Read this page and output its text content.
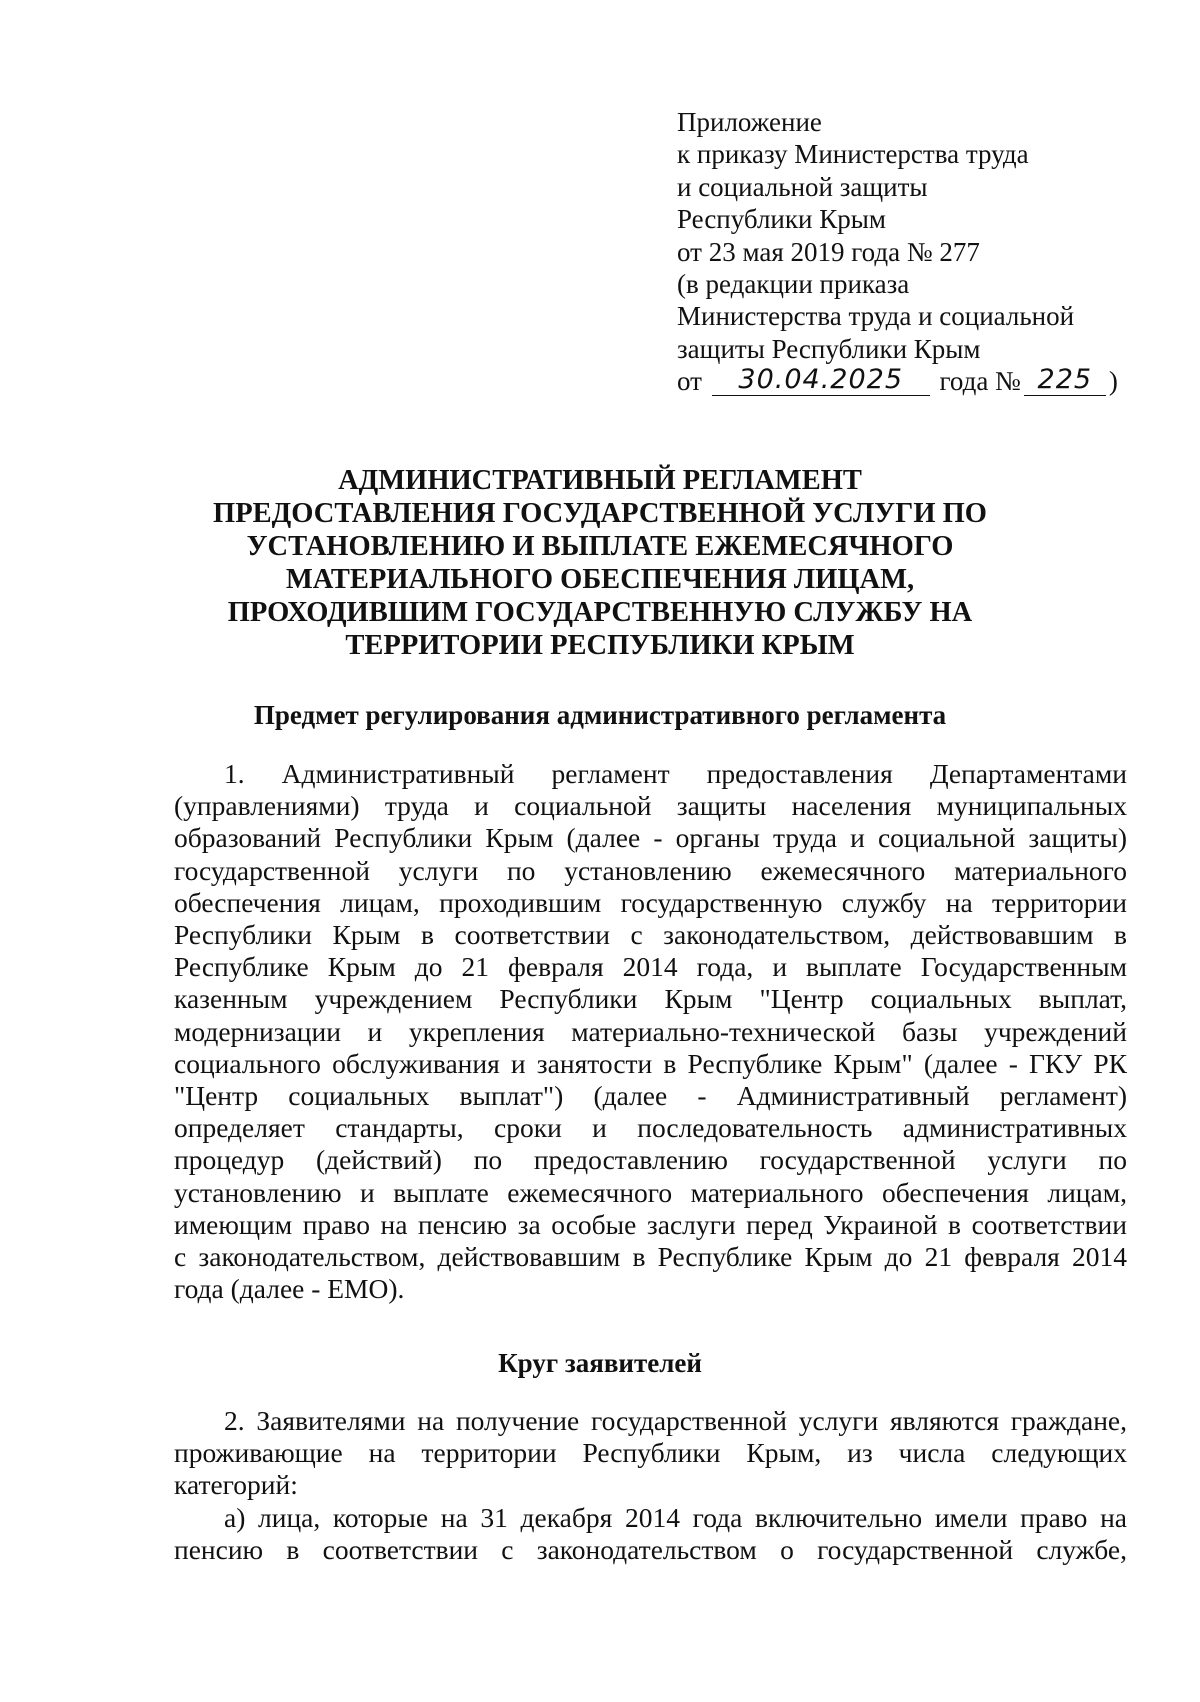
Приложение
к приказу Министерства труда
и социальной защиты
Республики Крым
от 23 мая 2019 года № 277
(в редакции приказа
Министерства труда и социальной
защиты Республики Крым
от 30.04.2025 года № 225 )
АДМИНИСТРАТИВНЫЙ РЕГЛАМЕНТ
ПРЕДОСТАВЛЕНИЯ ГОСУДАРСТВЕННОЙ УСЛУГИ ПО
УСТАНОВЛЕНИЮ И ВЫПЛАТЕ ЕЖЕМЕСЯЧНОГО
МАТЕРИАЛЬНОГО ОБЕСПЕЧЕНИЯ ЛИЦАМ,
ПРОХОДИВШИМ ГОСУДАРСТВЕННУЮ СЛУЖБУ НА
ТЕРРИТОРИИ РЕСПУБЛИКИ КРЫМ
Предмет регулирования административного регламента
1. Административный регламент предоставления Департаментами
(управлениями) труда и социальной защиты населения муниципальных
образований Республики Крым (далее - органы труда и социальной защиты)
государственной услуги по установлению ежемесячного материального
обеспечения лицам, проходившим государственную службу на территории
Республики Крым в соответствии с законодательством, действовавшим в
Республике Крым до 21 февраля 2014 года, и выплате Государственным
казенным учреждением Республики Крым "Центр социальных выплат,
модернизации и укрепления материально-технической базы учреждений
социального обслуживания и занятости в Республике Крым" (далее - ГКУ РК
"Центр социальных выплат") (далее - Административный регламент)
определяет стандарты, сроки и последовательность административных
процедур (действий) по предоставлению государственной услуги по
установлению и выплате ежемесячного материального обеспечения лицам,
имеющим право на пенсию за особые заслуги перед Украиной в соответствии
с законодательством, действовавшим в Республике Крым до 21 февраля 2014
года (далее - ЕМО).
Круг заявителей
2. Заявителями на получение государственной услуги являются граждане,
проживающие на территории Республики Крым, из числа следующих
категорий:
а) лица, которые на 31 декабря 2014 года включительно имели право на
пенсию в соответствии с законодательством о государственной службе,
